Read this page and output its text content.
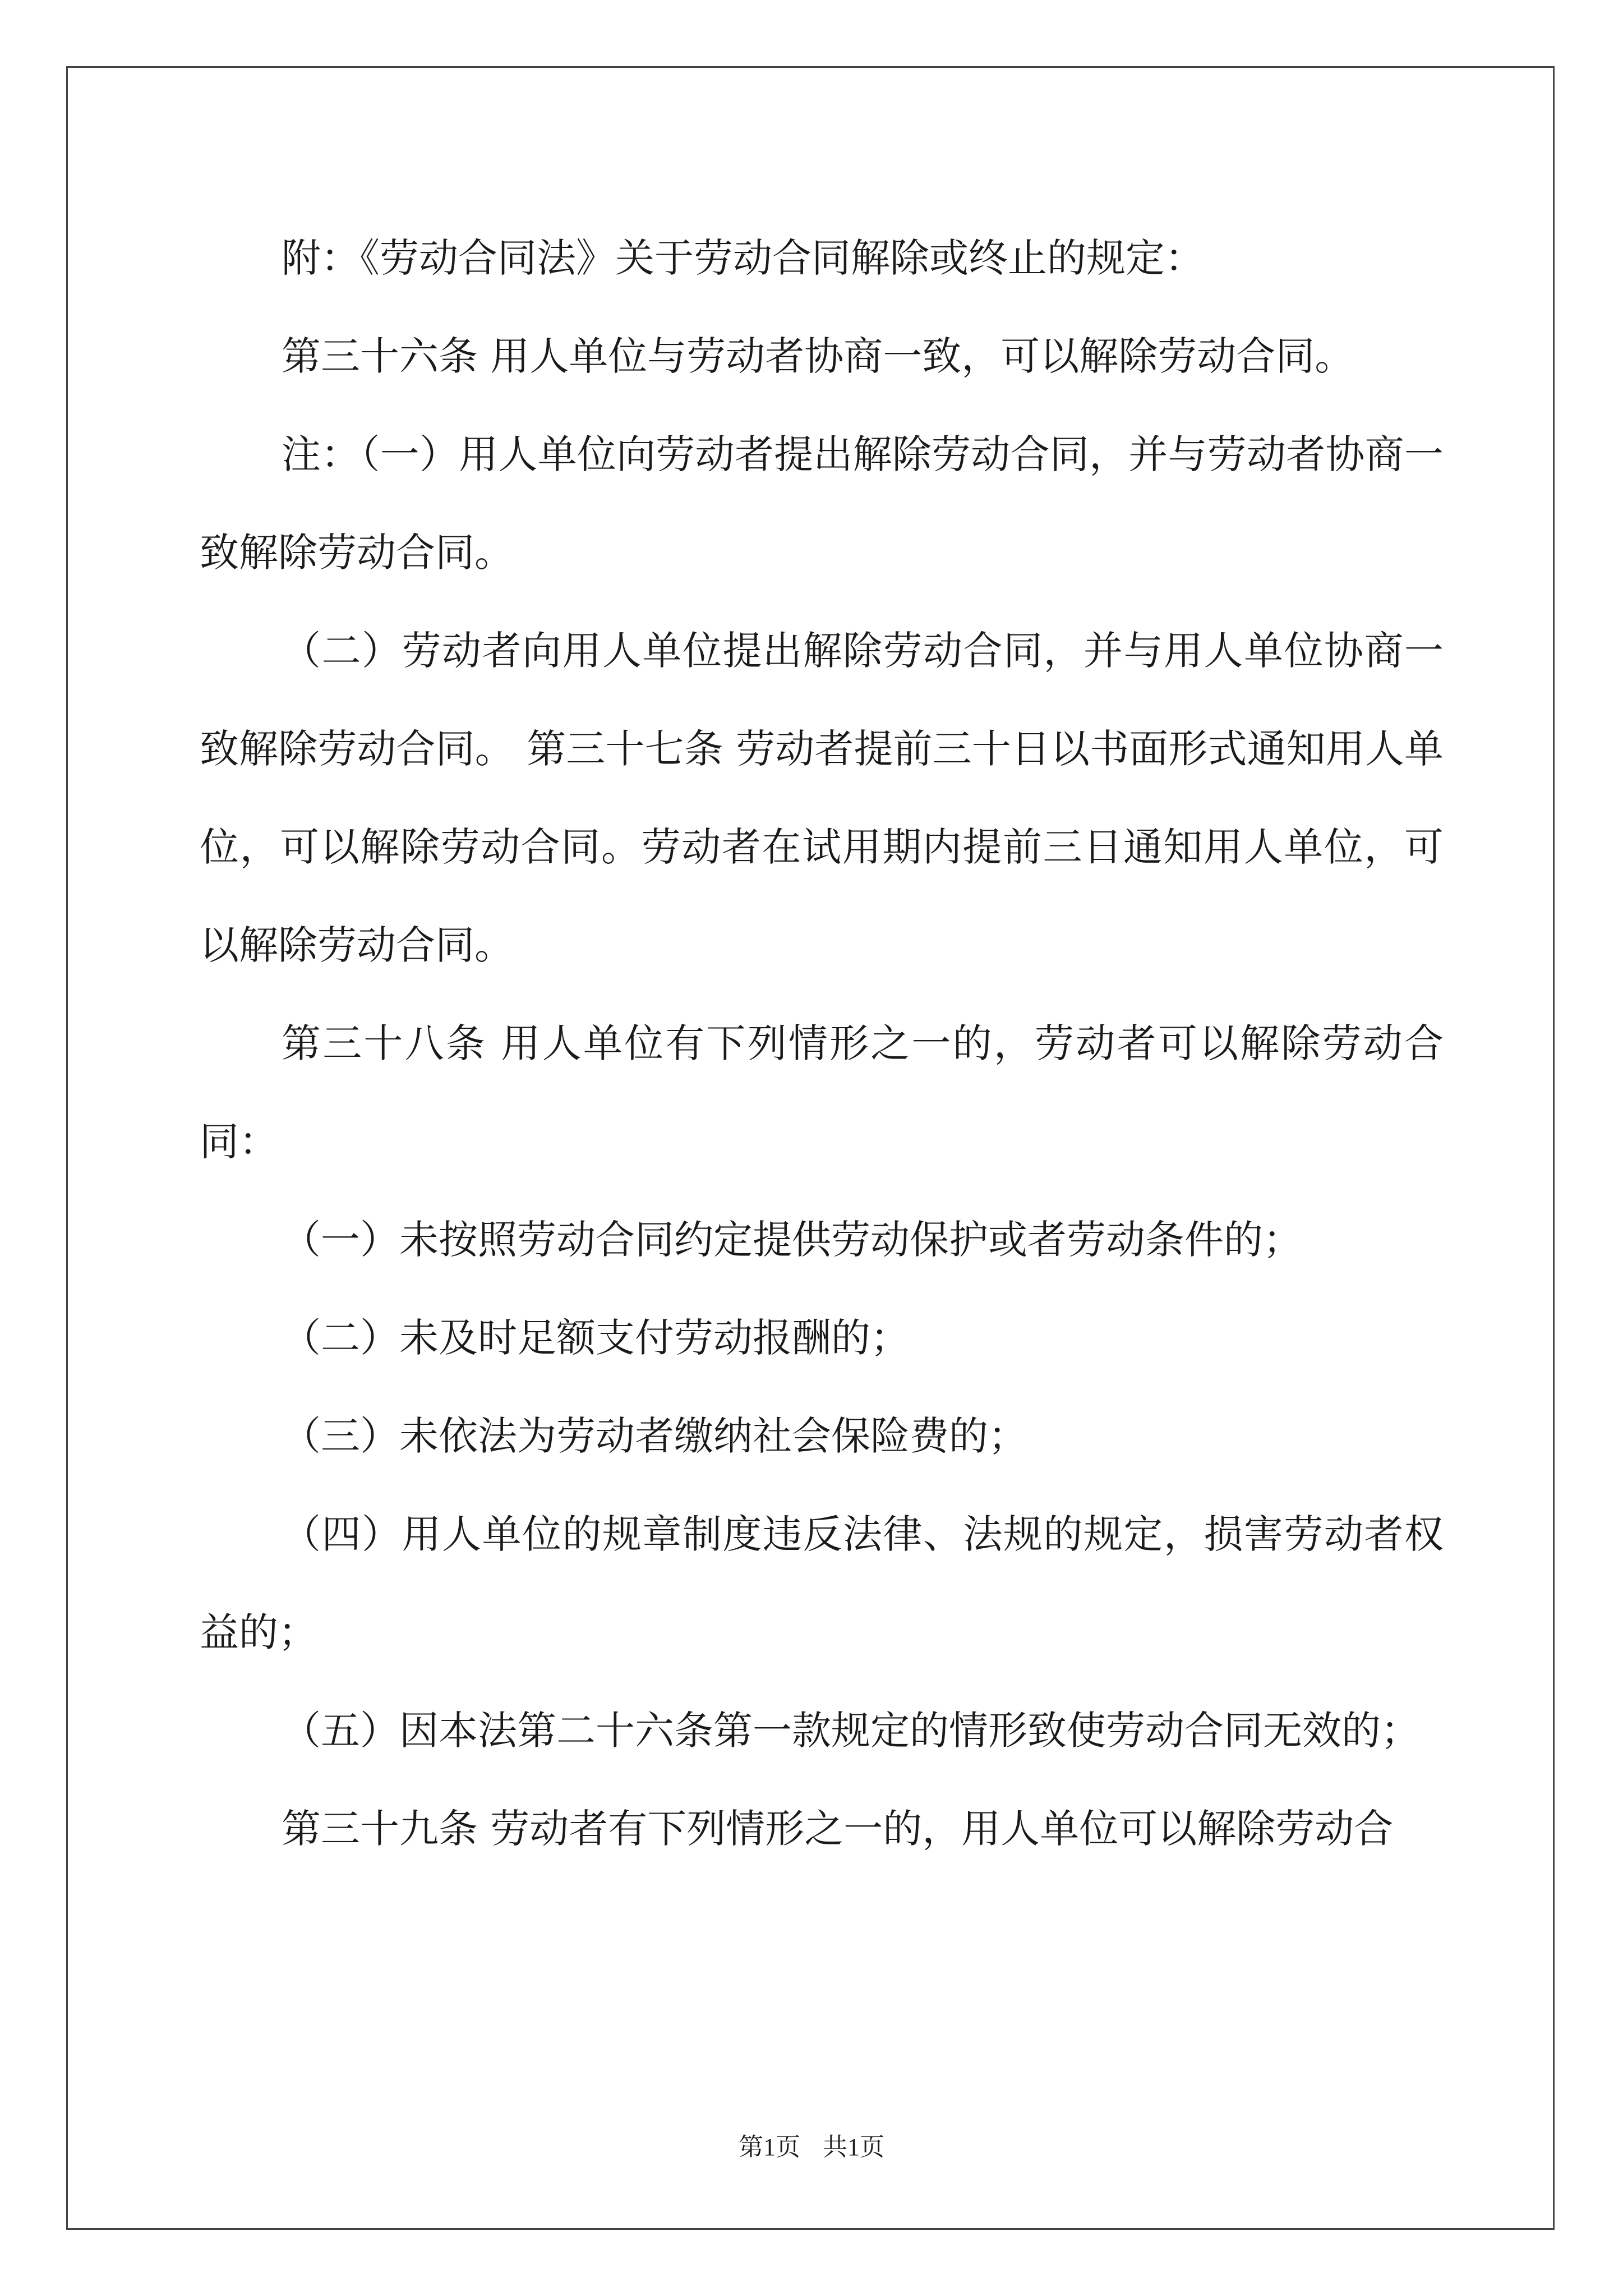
附：《劳动合同法》关于劳动合同解除或终止的规定：

第三十六条 用人单位与劳动者协商一致，可以解除劳动合同。

注：（一）用人单位向劳动者提出解除劳动合同，并与劳动者协商一致解除劳动合同。

（二）劳动者向用人单位提出解除劳动合同，并与用人单位协商一致解除劳动合同。 第三十七条 劳动者提前三十日以书面形式通知用人单位，可以解除劳动合同。劳动者在试用期内提前三日通知用人单位，可以解除劳动合同。

第三十八条 用人单位有下列情形之一的，劳动者可以解除劳动合同：

（一）未按照劳动合同约定提供劳动保护或者劳动条件的；

（二）未及时足额支付劳动报酬的；

（三）未依法为劳动者缴纳社会保险费的；

（四）用人单位的规章制度违反法律、法规的规定，损害劳动者权益的；

（五）因本法第二十六条第一款规定的情形致使劳动合同无效的；

第三十九条 劳动者有下列情形之一的，用人单位可以解除劳动合

第1页 共1页
